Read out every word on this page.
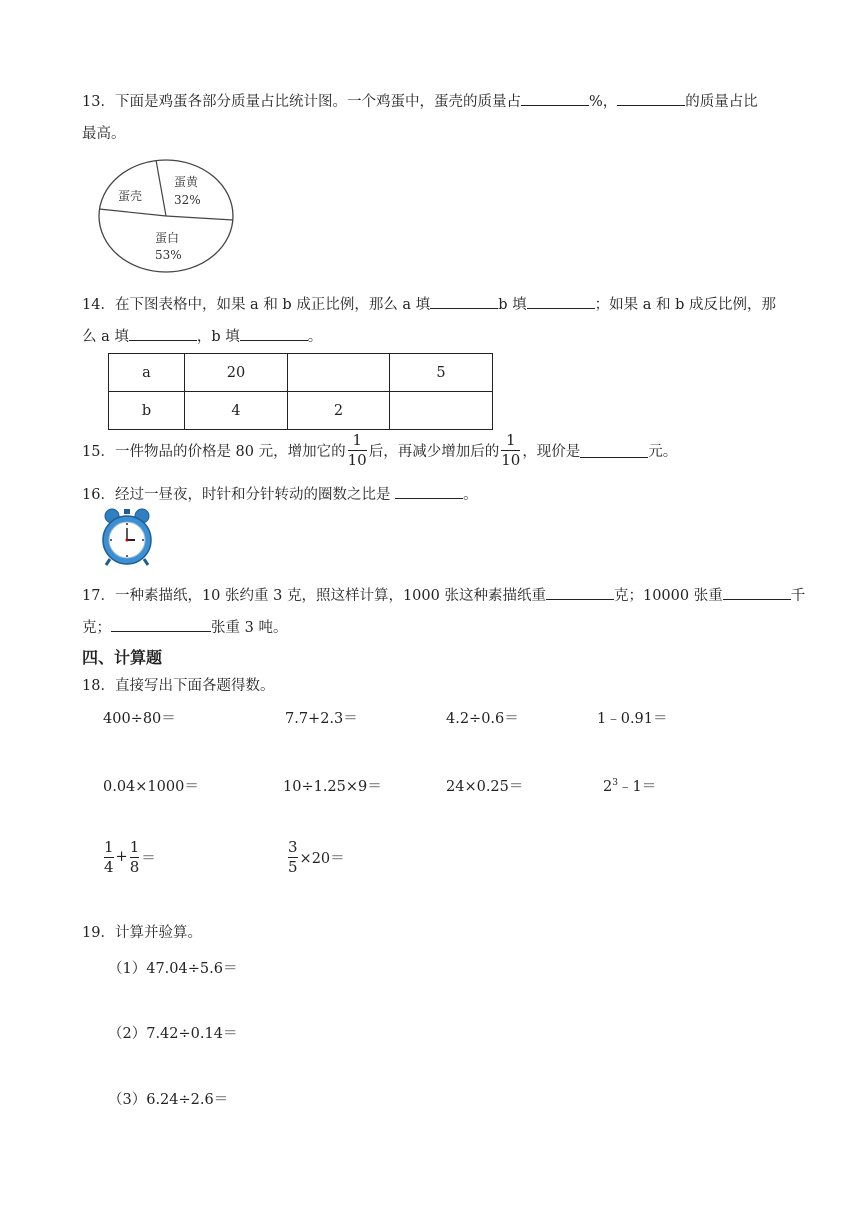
13．下面是鸡蛋各部分质量占比统计图。一个鸡蛋中，蛋壳的质量占	%，	的质量占比
最高。
蛋壳
蛋黄
32%
蛋白
53%
14．在下图表格中，如果 a 和 b 成正比例，那么 a 填	b 填	；如果 a 和 b 成反比例，那
么 a 填	，b 填	。
a	20		5
b	4	2	
15．一件物品的价格是 80 元，增加它的 $\frac{1}{10}$ 后，再减少增加后的 $\frac{1}{10}$ ，现价是	元。
16．经过一昼夜，时针和分针转动的圈数之比是	。
17．一种素描纸，10 张约重 3 克，照这样计算，1000 张这种素描纸重	克；10000 张重	千
克；	张重 3 吨。
四、计算题
18．直接写出下面各题得数。
400÷80＝	7.7+2.3＝	4.2÷0.6＝	1﹣0.91＝
0.04×1000＝	10÷1.25×9＝	24×0.25＝	$2^3﹣1=$
$\frac{1}{4} + \frac{1}{8}$ ＝	$\frac{3}{5} \times 20=$
19．计算并验算。
（1）47.04÷5.6＝
（2）7.42÷0.14＝
（3）6.24÷2.6＝
